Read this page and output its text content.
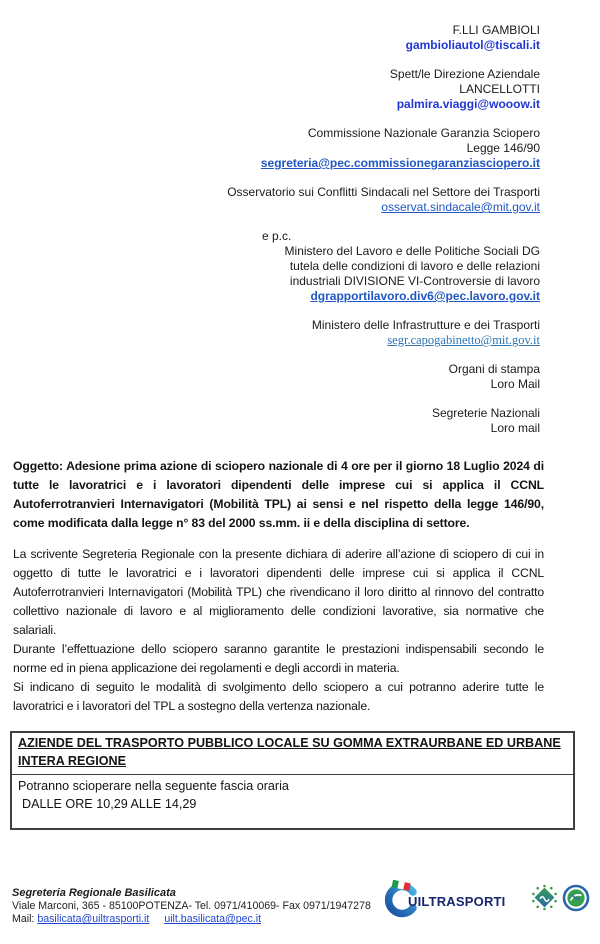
F.LLI GAMBIOLI
gambioliautol@tiscali.it
Spett/le Direzione Aziendale
LANCELLOTTI
palmira.viaggi@wooow.it
Commissione Nazionale Garanzia Sciopero
Legge 146/90
segreteria@pec.commissionegaranziasciopero.it
Osservatorio sui Conflitti Sindacali nel Settore dei Trasporti
osservat.sindacale@mit.gov.it
e p.c.
Ministero del Lavoro e delle Politiche Sociali DG
tutela delle condizioni di lavoro e delle relazioni
industriali DIVISIONE VI-Controversie di lavoro
dgrapportilavoro.div6@pec.lavoro.gov.it
Ministero delle Infrastrutture e dei Trasporti
segr.capogabinetto@mit.gov.it
Organi di stampa
Loro Mail
Segreterie Nazionali
Loro mail
Oggetto: Adesione prima azione di sciopero nazionale di 4 ore per il giorno 18 Luglio 2024 di tutte le lavoratrici e i lavoratori dipendenti delle imprese cui si applica il CCNL Autoferrotranvieri Internavigatori (Mobilità TPL) ai sensi e nel rispetto della legge 146/90, come modificata dalla legge n° 83 del 2000 ss.mm. ii e della disciplina di settore.

La scrivente Segreteria Regionale con la presente dichiara di aderire all’azione di sciopero di cui in oggetto di tutte le lavoratrici e i lavoratori dipendenti delle imprese cui si applica il CCNL Autoferrotranvieri Internavigatori (Mobilità TPL) che rivendicano il loro diritto al rinnovo del contratto collettivo nazionale di lavoro e al miglioramento delle condizioni lavorative, sia normative che salariali.

Durante l’effettuazione dello sciopero saranno garantite le prestazioni indispensabili secondo le norme ed in piena applicazione dei regolamenti e degli accordi in materia.

Si indicano di seguito le modalità di svolgimento dello sciopero a cui potranno aderire tutte le lavoratrici e i lavoratori del TPL a sostegno della vertenza nazionale.

AZIENDE DEL TRASPORTO PUBBLICO LOCALE SU GOMMA EXTRAURBANE ED URBANE INTERA REGIONE
Potranno scioperare nella seguente fascia oraria
DALLE ORE 10,29 ALLE 14,29
Segreteria Regionale Basilicata
Viale Marconi, 365 - 85100POTENZA- Tel. 0971/410069- Fax 0971/1947278
Mail: basilicata@uiltrasporti.it uilt.basilicata@pec.it
UILTRASPORTI
